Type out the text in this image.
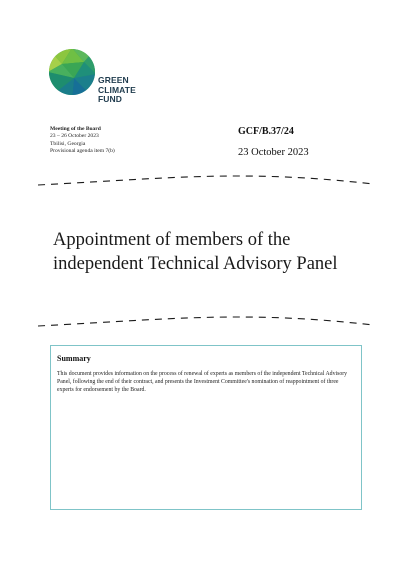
GREEN
CLIMATE
FUND
Meeting of the Board
23 – 26 October 2023
Tbilisi, Georgia
Provisional agenda item 7(b)
GCF/B.37/24
23 October 2023
Appointment of members of the
independent Technical Advisory Panel
Summary
This document provides information on the process of renewal of experts as members of the independent Technical Advisory Panel, following the end of their contract, and presents the Investment Committee's nomination of reappointment of three experts for endorsement by the Board.
